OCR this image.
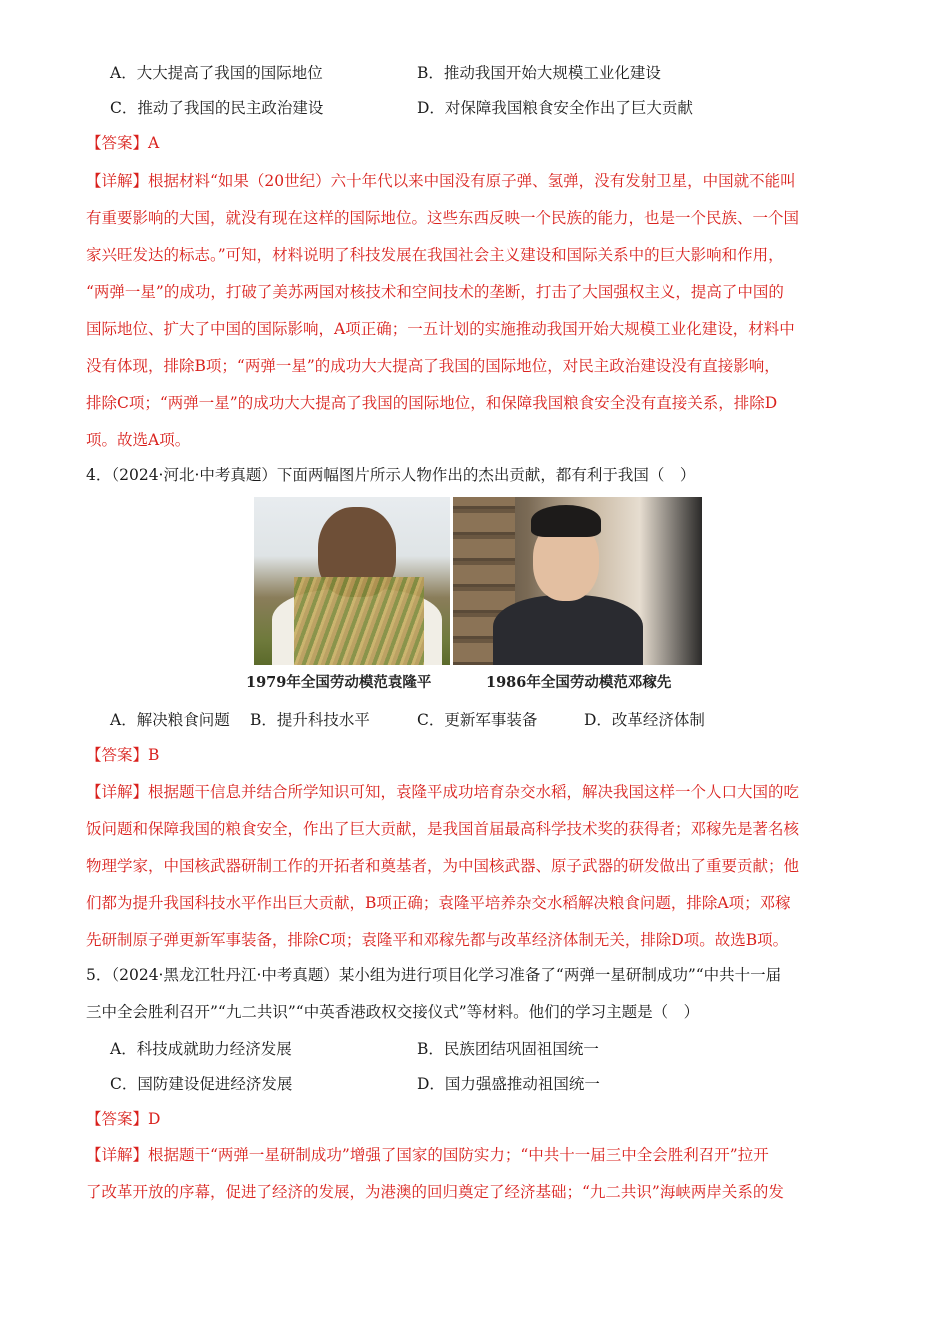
A．大大提高了我国的国际地位	B．推动我国开始大规模工业化建设
C．推动了我国的民主政治建设	D．对保障我国粮食安全作出了巨大贡献
【答案】A
【详解】根据材料“如果（20世纪）六十年代以来中国没有原子弹、氢弹，没有发射卫星，中国就不能叫
有重要影响的大国，就没有现在这样的国际地位。这些东西反映一个民族的能力，也是一个民族、一个国
家兴旺发达的标志。”可知，材料说明了科技发展在我国社会主义建设和国际关系中的巨大影响和作用，
“两弹一星”的成功，打破了美苏两国对核技术和空间技术的垄断，打击了大国强权主义，提高了中国的
国际地位、扩大了中国的国际影响，A项正确；一五计划的实施推动我国开始大规模工业化建设，材料中
没有体现，排除B项；“两弹一星”的成功大大提高了我国的国际地位，对民主政治建设没有直接影响，
排除C项；“两弹一星”的成功大大提高了我国的国际地位，和保障我国粮食安全没有直接关系，排除D
项。故选A项。
4．（2024·河北·中考真题）下面两幅图片所示人物作出的杰出贡献，都有利于我国（　）
1979年全国劳动模范袁隆平	1986年全国劳动模范邓稼先
A．解决粮食问题 B．提升科技水平	C．更新军事装备	D．改革经济体制
【答案】B
【详解】根据题干信息并结合所学知识可知，袁隆平成功培育杂交水稻，解决我国这样一个人口大国的吃
饭问题和保障我国的粮食安全，作出了巨大贡献，是我国首届最高科学技术奖的获得者；邓稼先是著名核
物理学家，中国核武器研制工作的开拓者和奠基者，为中国核武器、原子武器的研发做出了重要贡献；他
们都为提升我国科技水平作出巨大贡献，B项正确；袁隆平培养杂交水稻解决粮食问题，排除A项；邓稼
先研制原子弹更新军事装备，排除C项；袁隆平和邓稼先都与改革经济体制无关，排除D项。故选B项。
5．（2024·黑龙江牡丹江·中考真题）某小组为进行项目化学习准备了“两弹一星研制成功”“中共十一届
三中全会胜利召开”“九二共识”“中英香港政权交接仪式”等材料。他们的学习主题是（　）
A．科技成就助力经济发展	B．民族团结巩固祖国统一
C．国防建设促进经济发展	D．国力强盛推动祖国统一
【答案】D
【详解】根据题干“两弹一星研制成功”增强了国家的国防实力；“中共十一届三中全会胜利召开”拉开
了改革开放的序幕，促进了经济的发展，为港澳的回归奠定了经济基础；“九二共识”海峡两岸关系的发
